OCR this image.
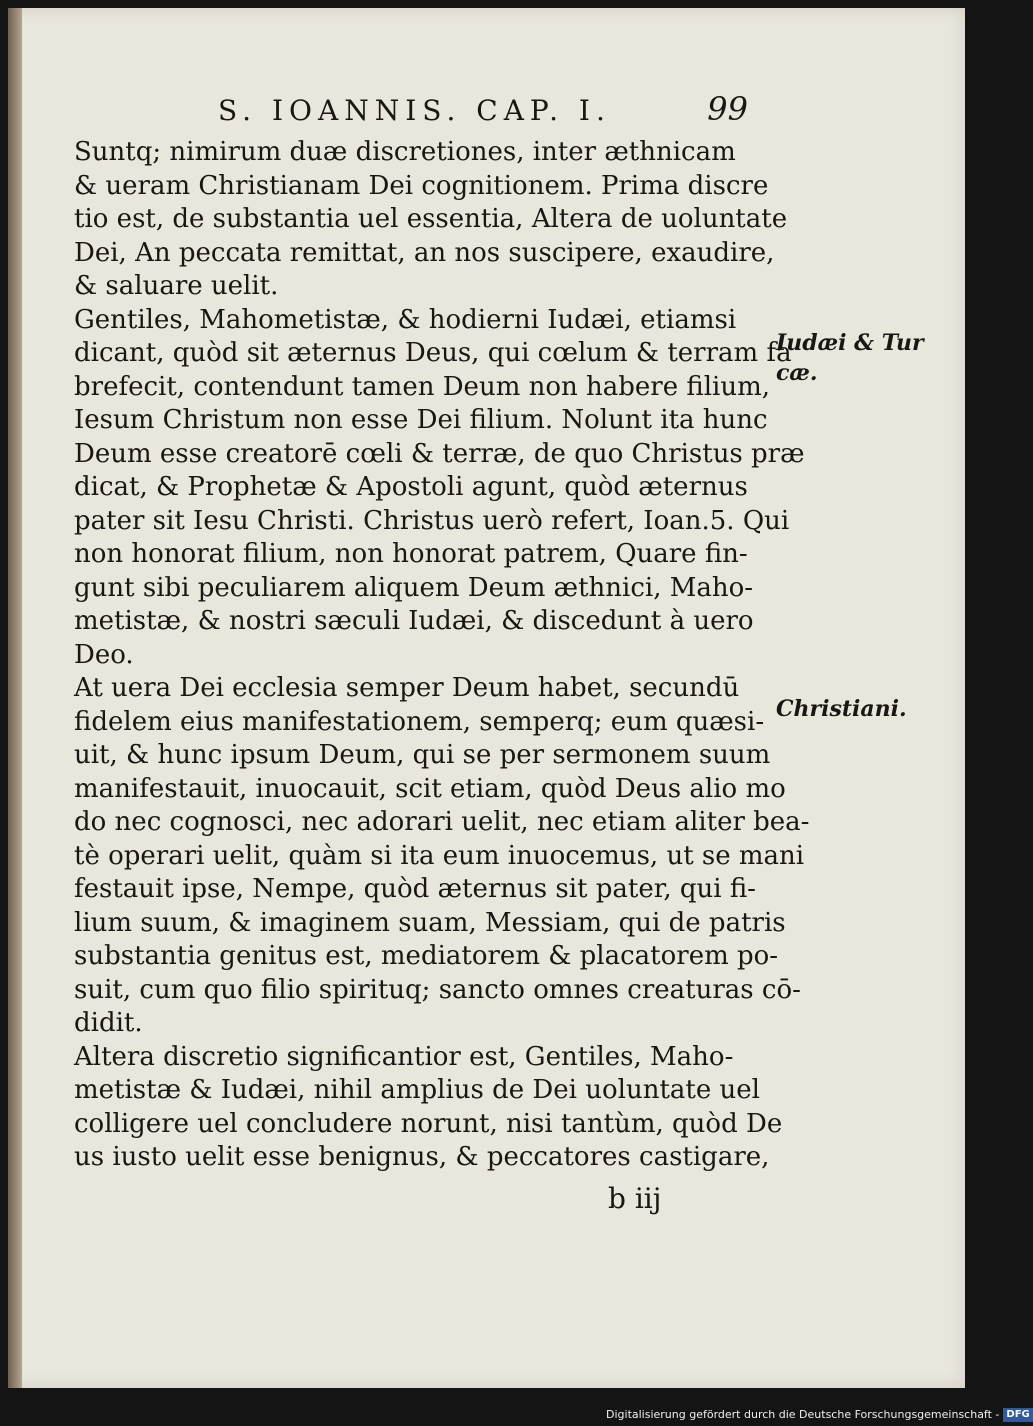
S. IOANNIS. CAP. I.	99
Suntq; nimirum duæ discretiones, inter æthnicam
& ueram Christianam Dei cognitionem. Prima discre
tio est, de substantia uel essentia, Altera de uoluntate
Dei, An peccata remittat, an nos suscipere, exaudire,
& saluare uelit.
Gentiles, Mahometistæ, & hodierni Iudæi, etiamsi
dicant, quòd sit æternus Deus, qui cœlum & terram fa
brefecit, contendunt tamen Deum non habere filium,
Iesum Christum non esse Dei filium. Nolunt ita hunc
Deum esse creatorē cœli & terræ, de quo Christus præ
dicat, & Prophetæ & Apostoli agunt, quòd æternus
pater sit Iesu Christi. Christus uerò refert, Ioan.5. Qui
non honorat filium, non honorat patrem, Quare fin-
gunt sibi peculiarem aliquem Deum æthnici, Maho-
metistæ, & nostri sæculi Iudæi, & discedunt à uero
Deo.
At uera Dei ecclesia semper Deum habet, secundū
fidelem eius manifestationem, semperq; eum quæsi-
uit, & hunc ipsum Deum, qui se per sermonem suum
manifestauit, inuocauit, scit etiam, quòd Deus alio mo
do nec cognosci, nec adorari uelit, nec etiam aliter bea-
tè operari uelit, quàm si ita eum inuocemus, ut se mani
festauit ipse, Nempe, quòd æternus sit pater, qui fi-
lium suum, & imaginem suam, Messiam, qui de patris
substantia genitus est, mediatorem & placatorem po-
suit, cum quo filio spirituq; sancto omnes creaturas cō-
didit.
Altera discretio significantior est, Gentiles, Maho-
metistæ & Iudæi, nihil amplius de Dei uoluntate uel
colligere uel concludere norunt, nisi tantùm, quòd De
us iusto uelit esse benignus, & peccatores castigare,
Iudæi & Tur
cæ.
Christiani.
b iij
Digitalisierung gefördert durch die Deutsche Forschungsgemeinschaft - DFG
